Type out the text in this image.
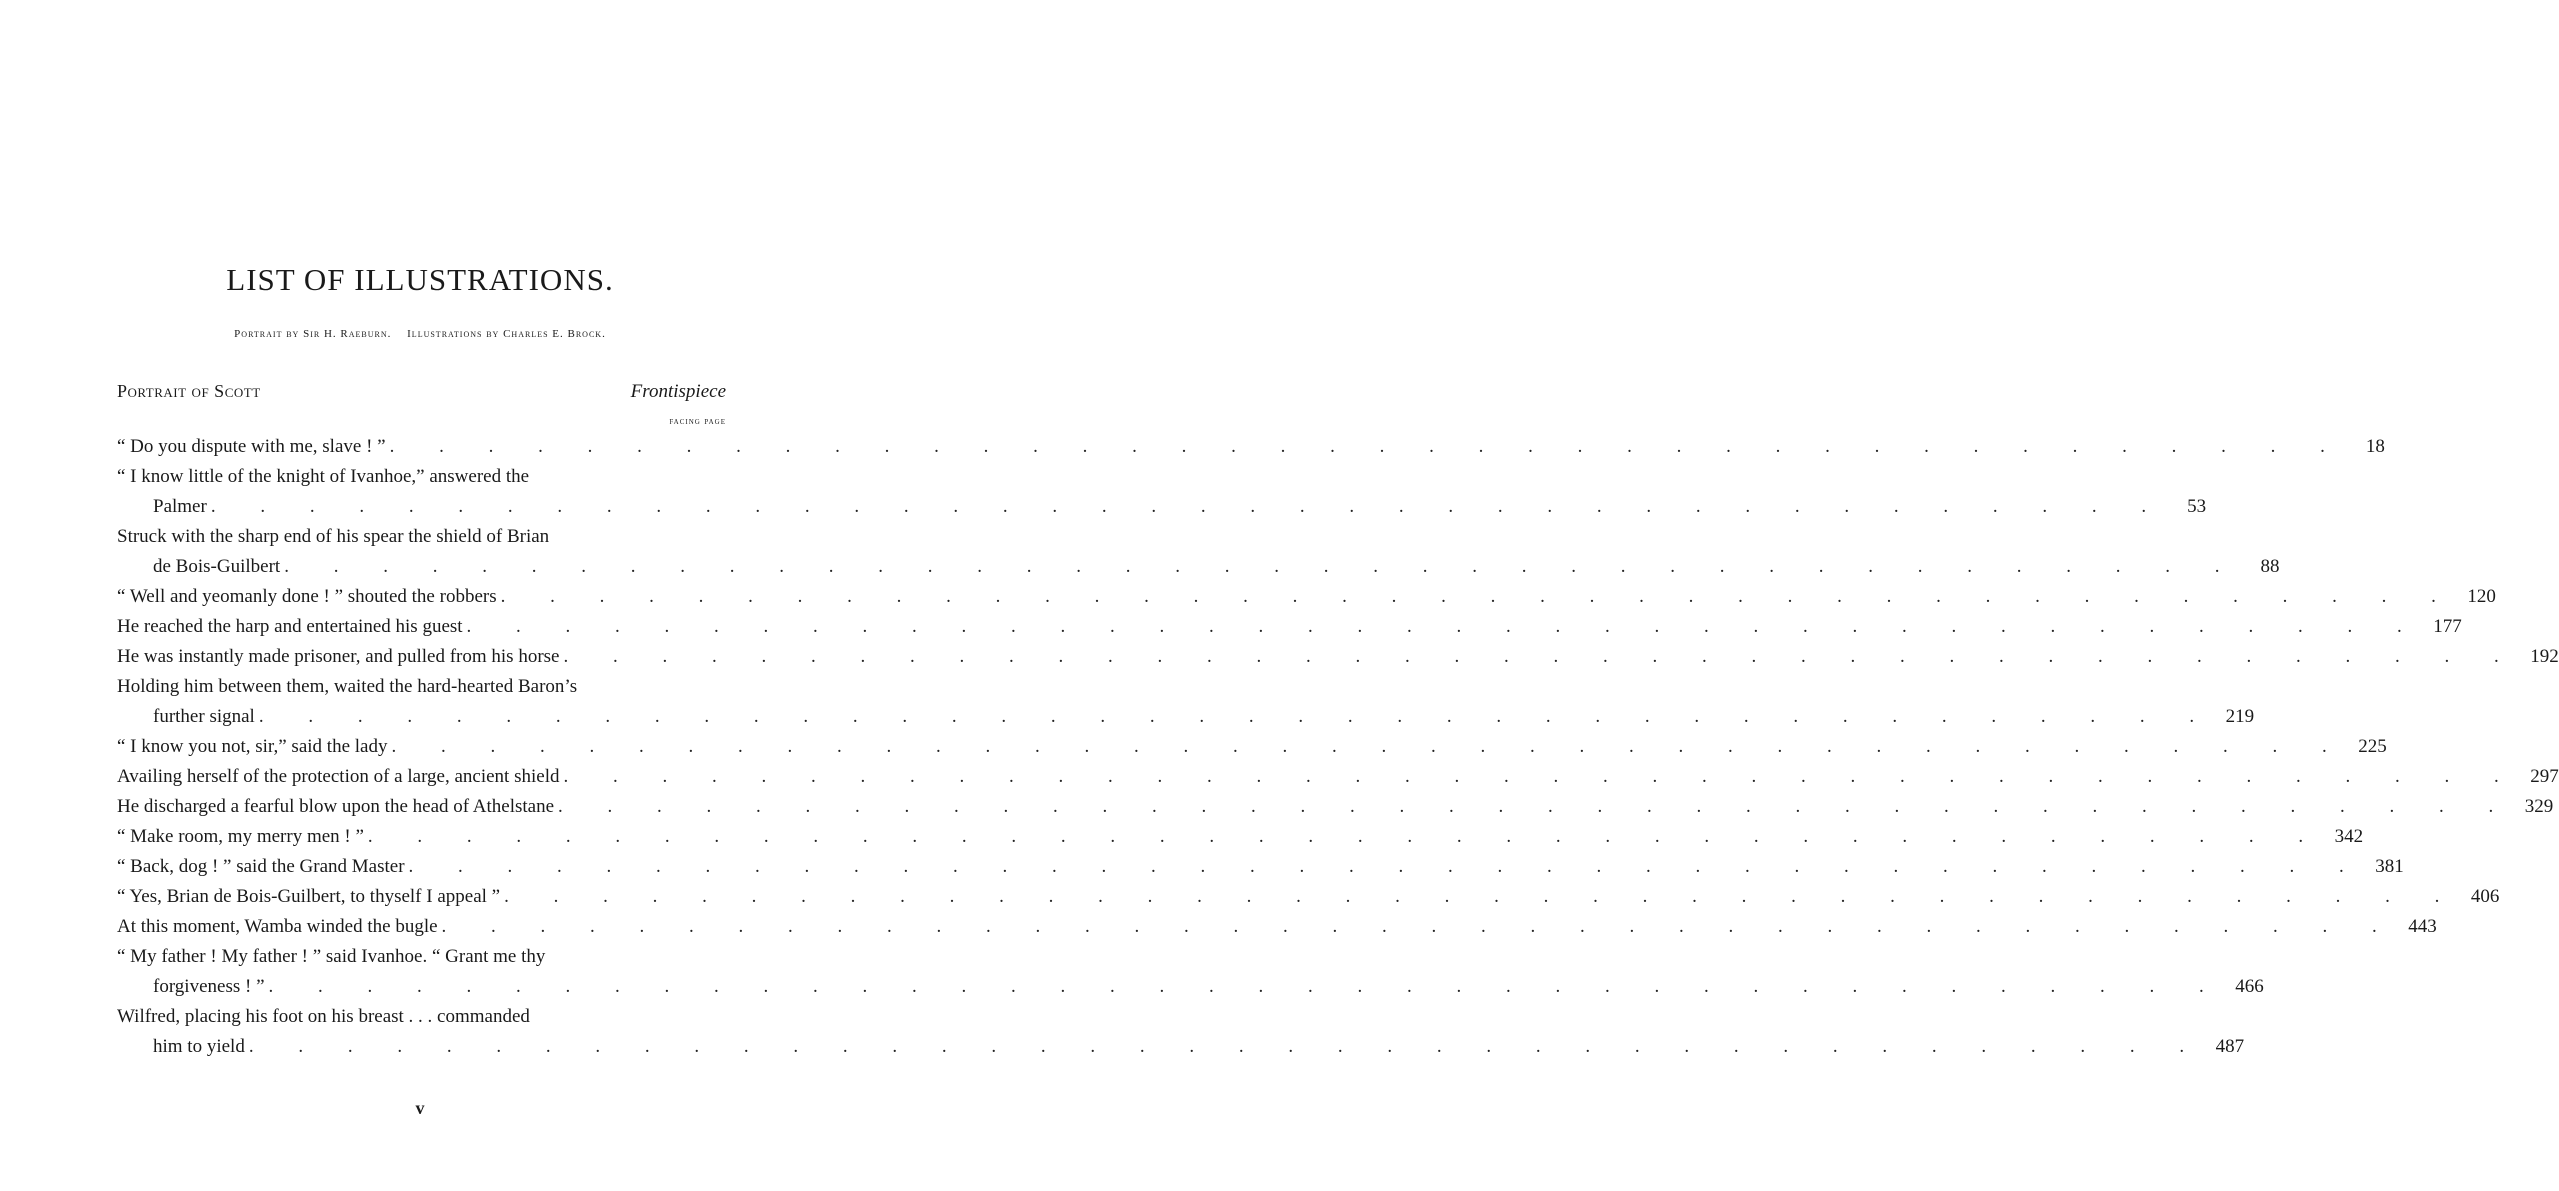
LIST OF ILLUSTRATIONS.
Portrait by Sir H. Raeburn. Illustrations by Charles E. Brock.
Portrait of Scott	Frontispiece
facing page
“ Do you dispute with me, slave ! ” . . . . . . . . . . . . . . . . . . . . . . . . . . . . . . . . . . . . . . . .	18
“ I know little of the knight of Ivanhoe,” answered the
Palmer . . . . . . . . . . . . . . . . . . . . . . . . . . . . . . . . . . . . . . . .	53
Struck with the sharp end of his spear the shield of Brian
de Bois-Guilbert . . . . . . . . . . . . . . . . . . . . . . . . . . . . . . . . . . . . . . . .	88
“ Well and yeomanly done ! ” shouted the robbers . . . . . . . . . . . . . . . . . . . . . . . . . . . . . . . . . . . . . . . . 120
He reached the harp and entertained his guest . . . . . . . . . . . . . . . . . . . . . . . . . . . . . . . . . . . . . . . . 177
He was instantly made prisoner, and pulled from his horse . . . . . . . . . . . . . . . . . . . . . . . . . . . . . . . . . . . . . . . . 192
Holding him between them, waited the hard-hearted Baron’s
further signal . . . . . . . . . . . . . . . . . . . . . . . . . . . . . . . . . . . . . . . . 219
“ I know you not, sir,” said the lady . . . . . . . . . . . . . . . . . . . . . . . . . . . . . . . . . . . . . . . . 225
Availing herself of the protection of a large, ancient shield . . . . . . . . . . . . . . . . . . . . . . . . . . . . . . . . . . . . . . . . 297
He discharged a fearful blow upon the head of Athelstane . . . . . . . . . . . . . . . . . . . . . . . . . . . . . . . . . . . . . . . . 329
“ Make room, my merry men ! ” . . . . . . . . . . . . . . . . . . . . . . . . . . . . . . . . . . . . . . . . 342
“ Back, dog ! ” said the Grand Master . . . . . . . . . . . . . . . . . . . . . . . . . . . . . . . . . . . . . . . . 381
“ Yes, Brian de Bois-Guilbert, to thyself I appeal ” . . . . . . . . . . . . . . . . . . . . . . . . . . . . . . . . . . . . . . . . 406
At this moment, Wamba winded the bugle . . . . . . . . . . . . . . . . . . . . . . . . . . . . . . . . . . . . . . . . 443
“ My father ! My father ! ” said Ivanhoe. “ Grant me thy
forgiveness ! ” . . . . . . . . . . . . . . . . . . . . . . . . . . . . . . . . . . . . . . . . 466
Wilfred, placing his foot on his breast . . . commanded
him to yield . . . . . . . . . . . . . . . . . . . . . . . . . . . . . . . . . . . . . . . . 487
v
